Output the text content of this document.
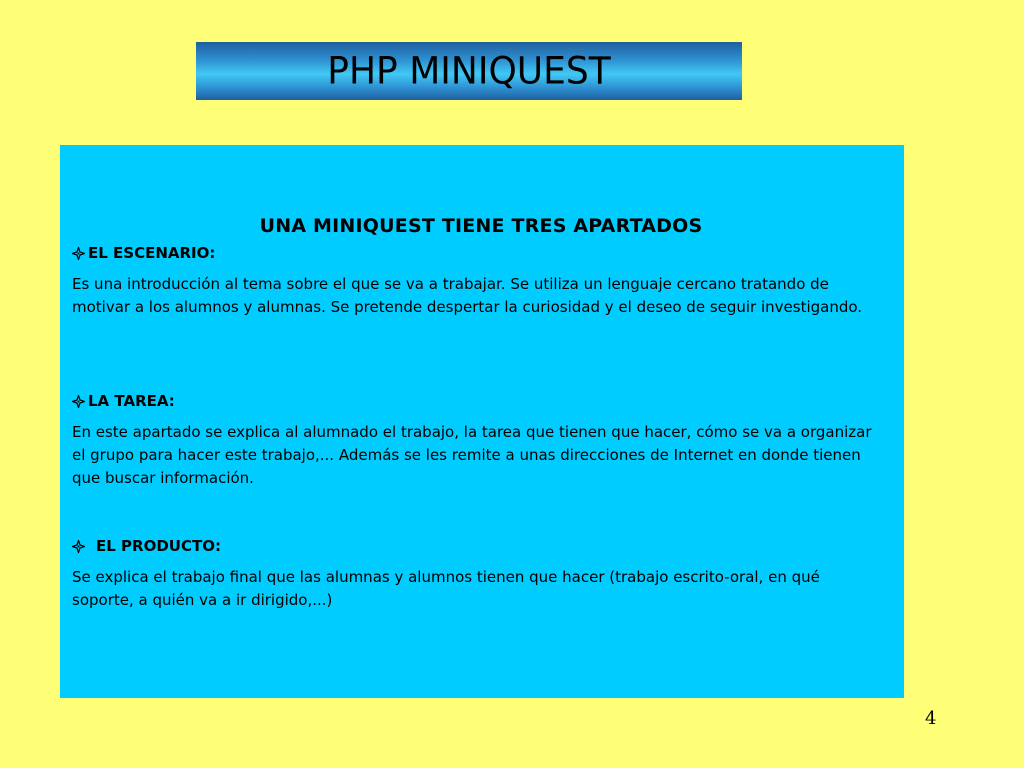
PHP MINIQUEST
UNA MINIQUEST TIENE TRES APARTADOS
EL ESCENARIO:

Es una introducción al tema sobre el que se va a trabajar. Se utiliza un lenguaje cercano tratando de motivar a los alumnos y alumnas. Se pretende despertar la curiosidad y el deseo de seguir investigando.

LA TAREA:

En este apartado se explica al alumnado el trabajo, la tarea que tienen que hacer, cómo se va a organizar el grupo para hacer este trabajo,... Además se les remite a unas direcciones de Internet en donde tienen que buscar información.

EL PRODUCTO:

Se explica el trabajo final que las alumnas y alumnos tienen que hacer (trabajo escrito-oral, en qué soporte, a quién va a ir dirigido,...)

4
